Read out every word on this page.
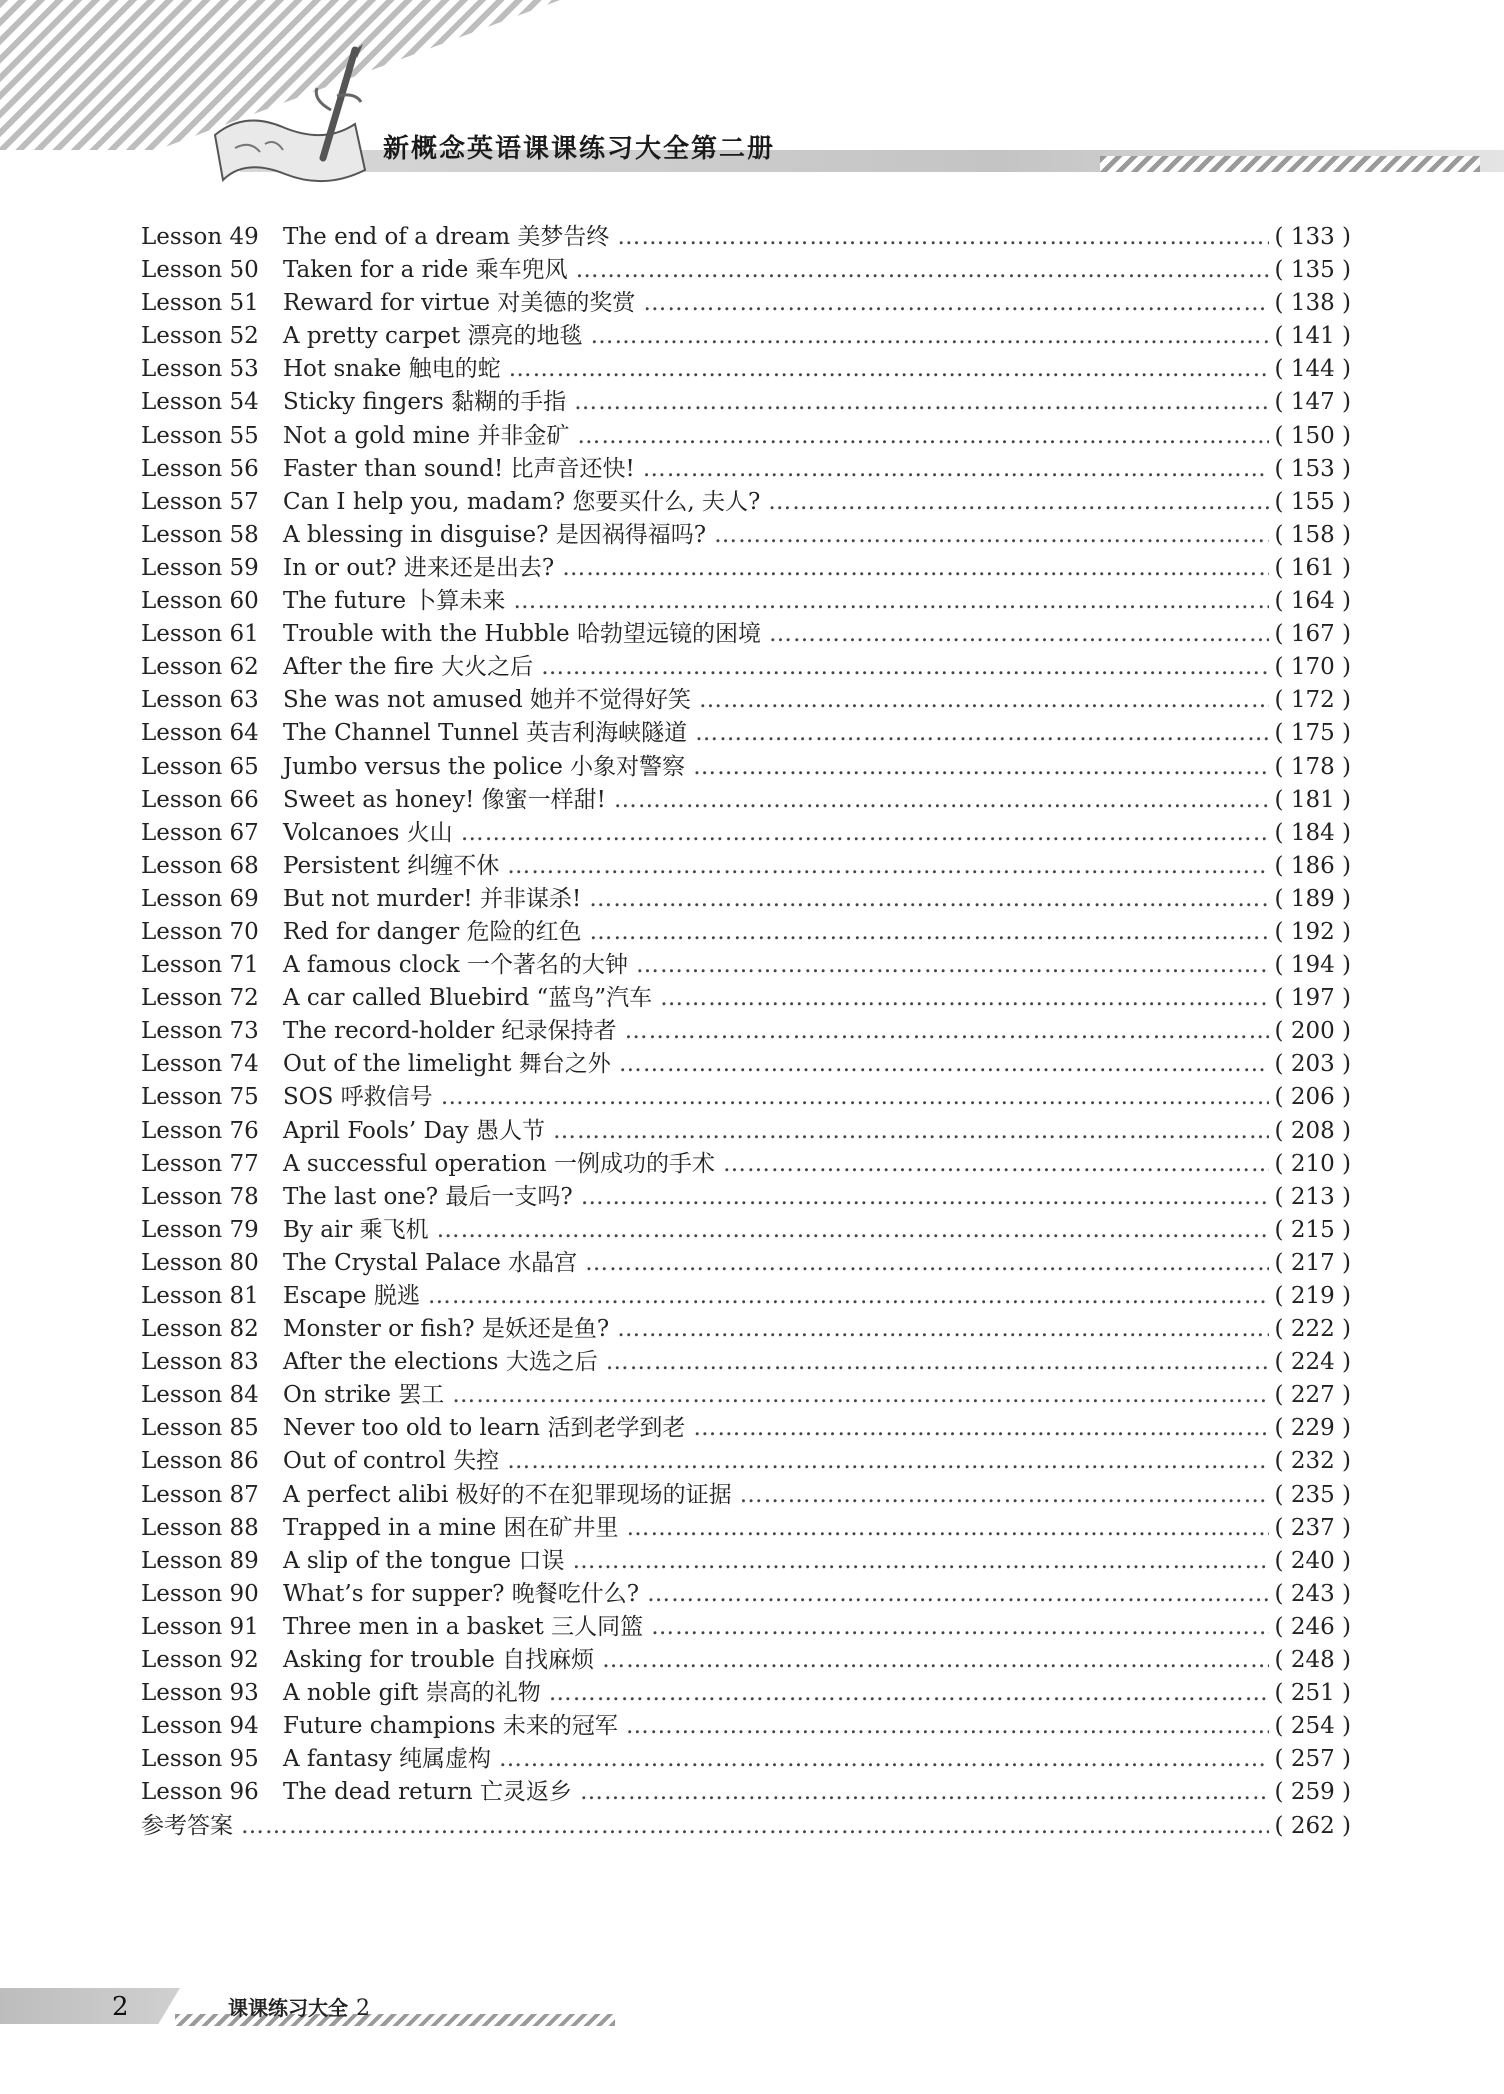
新概念英语课课练习大全第二册
Lesson 49	The end of a dream 美梦告终 …………………………………………………………………………………………………………………………………………………………………………………………………………	( 133 )
Lesson 50	Taken for a ride 乘车兜风 …………………………………………………………………………………………………………………………………………………………………………………………………………	( 135 )
Lesson 51	Reward for virtue 对美德的奖赏 …………………………………………………………………………………………………………………………………………………………………………………………………………	( 138 )
Lesson 52	A pretty carpet 漂亮的地毯 …………………………………………………………………………………………………………………………………………………………………………………………………………	( 141 )
Lesson 53	Hot snake 触电的蛇 …………………………………………………………………………………………………………………………………………………………………………………………………………	( 144 )
Lesson 54	Sticky fingers 黏糊的手指 …………………………………………………………………………………………………………………………………………………………………………………………………………	( 147 )
Lesson 55	Not a gold mine 并非金矿 …………………………………………………………………………………………………………………………………………………………………………………………………………	( 150 )
Lesson 56	Faster than sound! 比声音还快! …………………………………………………………………………………………………………………………………………………………………………………………………………	( 153 )
Lesson 57	Can I help you, madam? 您要买什么, 夫人? …………………………………………………………………………………………………………………………………………………………………………………………………………	( 155 )
Lesson 58	A blessing in disguise? 是因祸得福吗? …………………………………………………………………………………………………………………………………………………………………………………………………………	( 158 )
Lesson 59	In or out? 进来还是出去? …………………………………………………………………………………………………………………………………………………………………………………………………………	( 161 )
Lesson 60	The future 卜算未来 …………………………………………………………………………………………………………………………………………………………………………………………………………	( 164 )
Lesson 61	Trouble with the Hubble 哈勃望远镜的困境 …………………………………………………………………………………………………………………………………………………………………………………………………………	( 167 )
Lesson 62	After the fire 大火之后 …………………………………………………………………………………………………………………………………………………………………………………………………………	( 170 )
Lesson 63	She was not amused 她并不觉得好笑 …………………………………………………………………………………………………………………………………………………………………………………………………………	( 172 )
Lesson 64	The Channel Tunnel 英吉利海峡隧道 …………………………………………………………………………………………………………………………………………………………………………………………………………	( 175 )
Lesson 65	Jumbo versus the police 小象对警察 …………………………………………………………………………………………………………………………………………………………………………………………………………	( 178 )
Lesson 66	Sweet as honey! 像蜜一样甜! …………………………………………………………………………………………………………………………………………………………………………………………………………	( 181 )
Lesson 67	Volcanoes 火山 …………………………………………………………………………………………………………………………………………………………………………………………………………	( 184 )
Lesson 68	Persistent 纠缠不休 …………………………………………………………………………………………………………………………………………………………………………………………………………	( 186 )
Lesson 69	But not murder! 并非谋杀! …………………………………………………………………………………………………………………………………………………………………………………………………………	( 189 )
Lesson 70	Red for danger 危险的红色 …………………………………………………………………………………………………………………………………………………………………………………………………………	( 192 )
Lesson 71	A famous clock 一个著名的大钟 …………………………………………………………………………………………………………………………………………………………………………………………………………	( 194 )
Lesson 72	A car called Bluebird “蓝鸟”汽车 …………………………………………………………………………………………………………………………………………………………………………………………………………	( 197 )
Lesson 73	The record-holder 纪录保持者 …………………………………………………………………………………………………………………………………………………………………………………………………………	( 200 )
Lesson 74	Out of the limelight 舞台之外 …………………………………………………………………………………………………………………………………………………………………………………………………………	( 203 )
Lesson 75	SOS 呼救信号 …………………………………………………………………………………………………………………………………………………………………………………………………………	( 206 )
Lesson 76	April Fools’ Day 愚人节 …………………………………………………………………………………………………………………………………………………………………………………………………………	( 208 )
Lesson 77	A successful operation 一例成功的手术 …………………………………………………………………………………………………………………………………………………………………………………………………………	( 210 )
Lesson 78	The last one? 最后一支吗? …………………………………………………………………………………………………………………………………………………………………………………………………………	( 213 )
Lesson 79	By air 乘飞机 …………………………………………………………………………………………………………………………………………………………………………………………………………	( 215 )
Lesson 80	The Crystal Palace 水晶宫 …………………………………………………………………………………………………………………………………………………………………………………………………………	( 217 )
Lesson 81	Escape 脱逃 …………………………………………………………………………………………………………………………………………………………………………………………………………	( 219 )
Lesson 82	Monster or fish? 是妖还是鱼? …………………………………………………………………………………………………………………………………………………………………………………………………………	( 222 )
Lesson 83	After the elections 大选之后 …………………………………………………………………………………………………………………………………………………………………………………………………………	( 224 )
Lesson 84	On strike 罢工 …………………………………………………………………………………………………………………………………………………………………………………………………………	( 227 )
Lesson 85	Never too old to learn 活到老学到老 …………………………………………………………………………………………………………………………………………………………………………………………………………	( 229 )
Lesson 86	Out of control 失控 …………………………………………………………………………………………………………………………………………………………………………………………………………	( 232 )
Lesson 87	A perfect alibi 极好的不在犯罪现场的证据 …………………………………………………………………………………………………………………………………………………………………………………………………………	( 235 )
Lesson 88	Trapped in a mine 困在矿井里 …………………………………………………………………………………………………………………………………………………………………………………………………………	( 237 )
Lesson 89	A slip of the tongue 口误 …………………………………………………………………………………………………………………………………………………………………………………………………………	( 240 )
Lesson 90	What’s for supper? 晚餐吃什么? …………………………………………………………………………………………………………………………………………………………………………………………………………	( 243 )
Lesson 91	Three men in a basket 三人同篮 …………………………………………………………………………………………………………………………………………………………………………………………………………	( 246 )
Lesson 92	Asking for trouble 自找麻烦 …………………………………………………………………………………………………………………………………………………………………………………………………………	( 248 )
Lesson 93	A noble gift 崇高的礼物 …………………………………………………………………………………………………………………………………………………………………………………………………………	( 251 )
Lesson 94	Future champions 未来的冠军 …………………………………………………………………………………………………………………………………………………………………………………………………………	( 254 )
Lesson 95	A fantasy 纯属虚构 …………………………………………………………………………………………………………………………………………………………………………………………………………	( 257 )
Lesson 96	The dead return 亡灵返乡 …………………………………………………………………………………………………………………………………………………………………………………………………………	( 259 )
参考答案 …………………………………………………………………………………………………………………………………………………………………………………………………………	( 262 )
2	课课练习大全 2
